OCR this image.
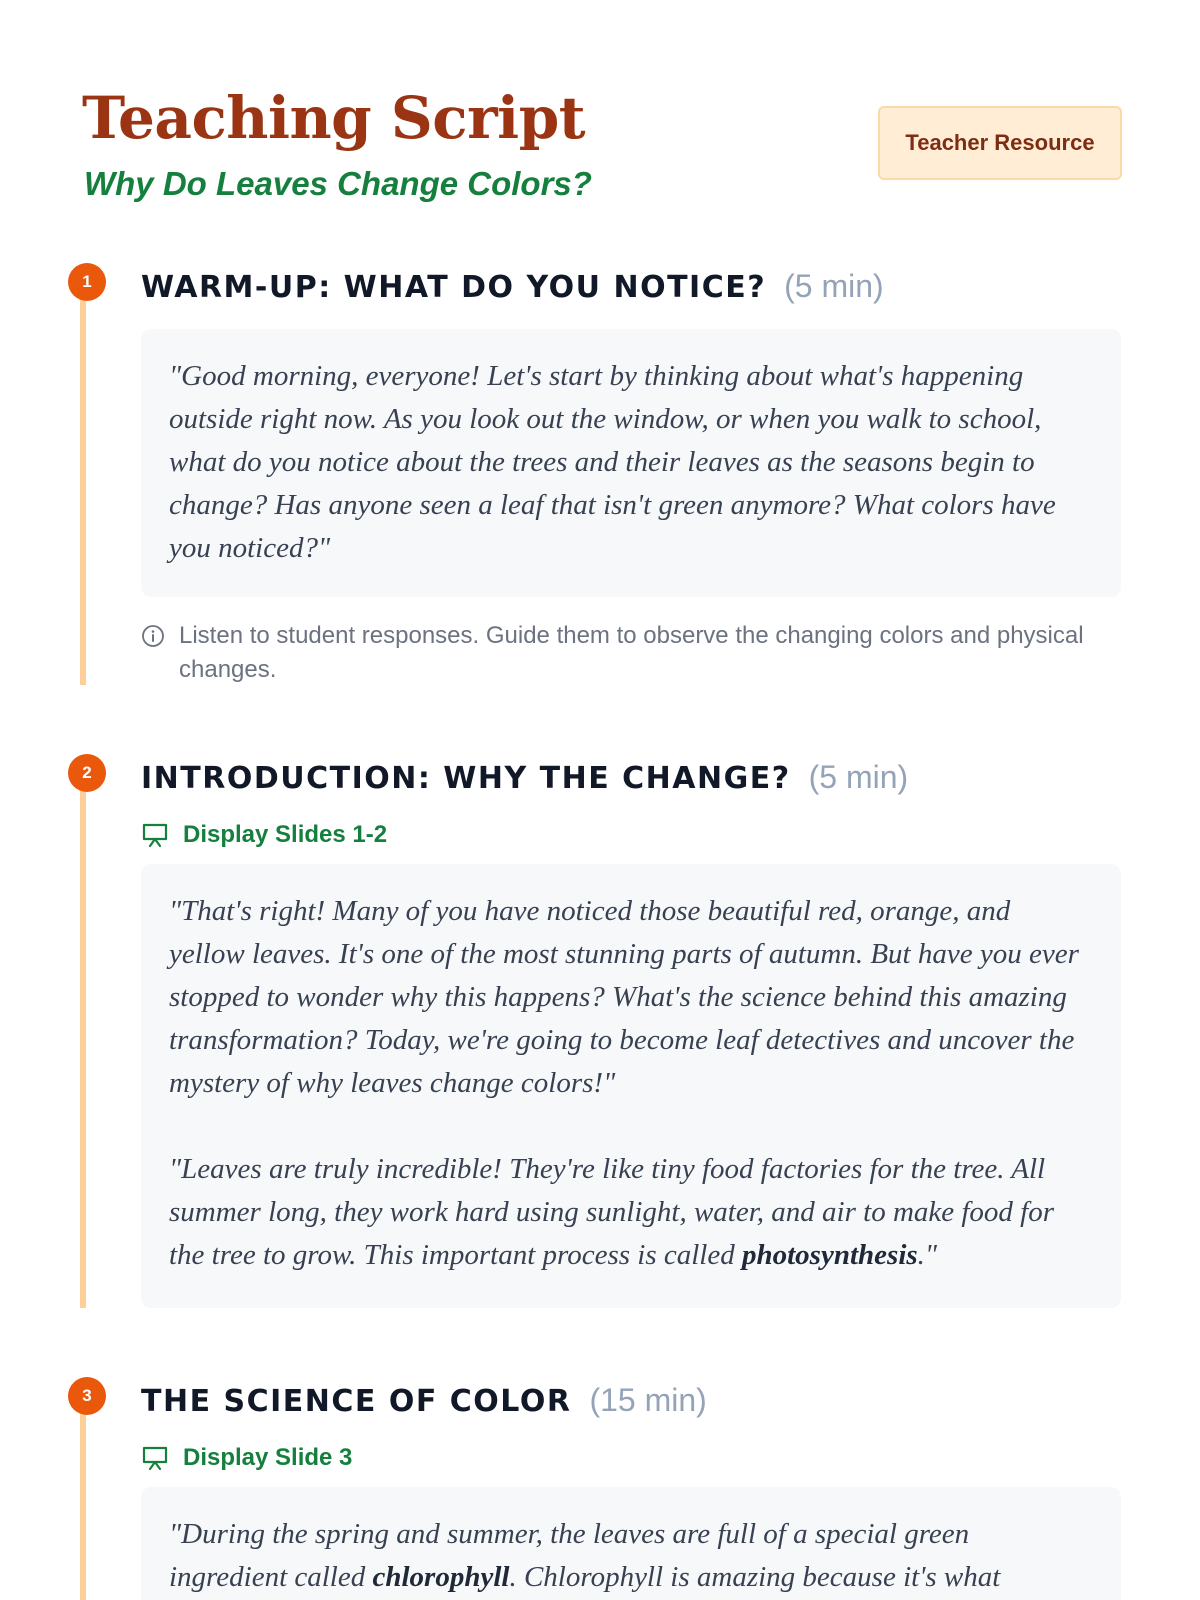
Teaching Script
Why Do Leaves Change Colors?
Teacher Resource
1	WARM-UP: WHAT DO YOU NOTICE? (5 min)

"Good morning, everyone! Let's start by thinking about what's happening outside right now. As you look out the window, or when you walk to school, what do you notice about the trees and their leaves as the seasons begin to change? Has anyone seen a leaf that isn't green anymore? What colors have you noticed?"

Listen to student responses. Guide them to observe the changing colors and physical changes.
2	INTRODUCTION: WHY THE CHANGE? (5 min)
Display Slides 1-2

"That's right! Many of you have noticed those beautiful red, orange, and yellow leaves. It's one of the most stunning parts of autumn. But have you ever stopped to wonder why this happens? What's the science behind this amazing transformation? Today, we're going to become leaf detectives and uncover the mystery of why leaves change colors!"

"Leaves are truly incredible! They're like tiny food factories for the tree. All summer long, they work hard using sunlight, water, and air to make food for the tree to grow. This important process is called photosynthesis."

3	THE SCIENCE OF COLOR (15 min)
Display Slide 3

"During the spring and summer, the leaves are full of a special green ingredient called chlorophyll. Chlorophyll is amazing because it's what
